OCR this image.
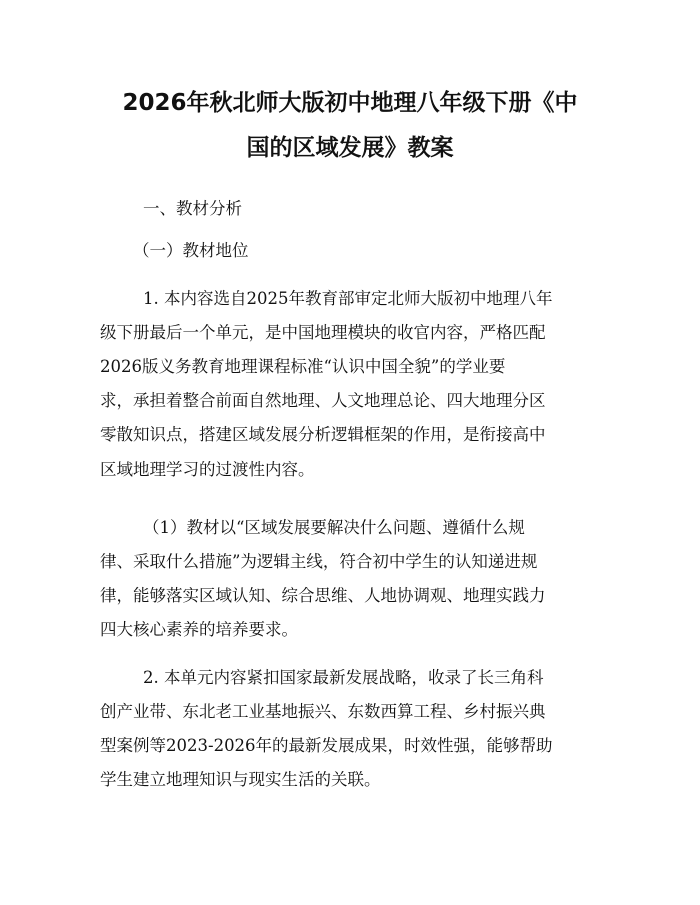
2026年秋北师大版初中地理八年级下册《中
国的区域发展》教案
一、教材分析
（一）教材地位
1. 本内容选自2025年教育部审定北师大版初中地理八年
级下册最后一个单元，是中国地理模块的收官内容，严格匹配
2026版义务教育地理课程标准“认识中国全貌”的学业要
求，承担着整合前面自然地理、人文地理总论、四大地理分区
零散知识点，搭建区域发展分析逻辑框架的作用，是衔接高中
区域地理学习的过渡性内容。
（1）教材以“区域发展要解决什么问题、遵循什么规
律、采取什么措施”为逻辑主线，符合初中学生的认知递进规
律，能够落实区域认知、综合思维、人地协调观、地理实践力
四大核心素养的培养要求。
2. 本单元内容紧扣国家最新发展战略，收录了长三角科
创产业带、东北老工业基地振兴、东数西算工程、乡村振兴典
型案例等2023-2026年的最新发展成果，时效性强，能够帮助
学生建立地理知识与现实生活的关联。
